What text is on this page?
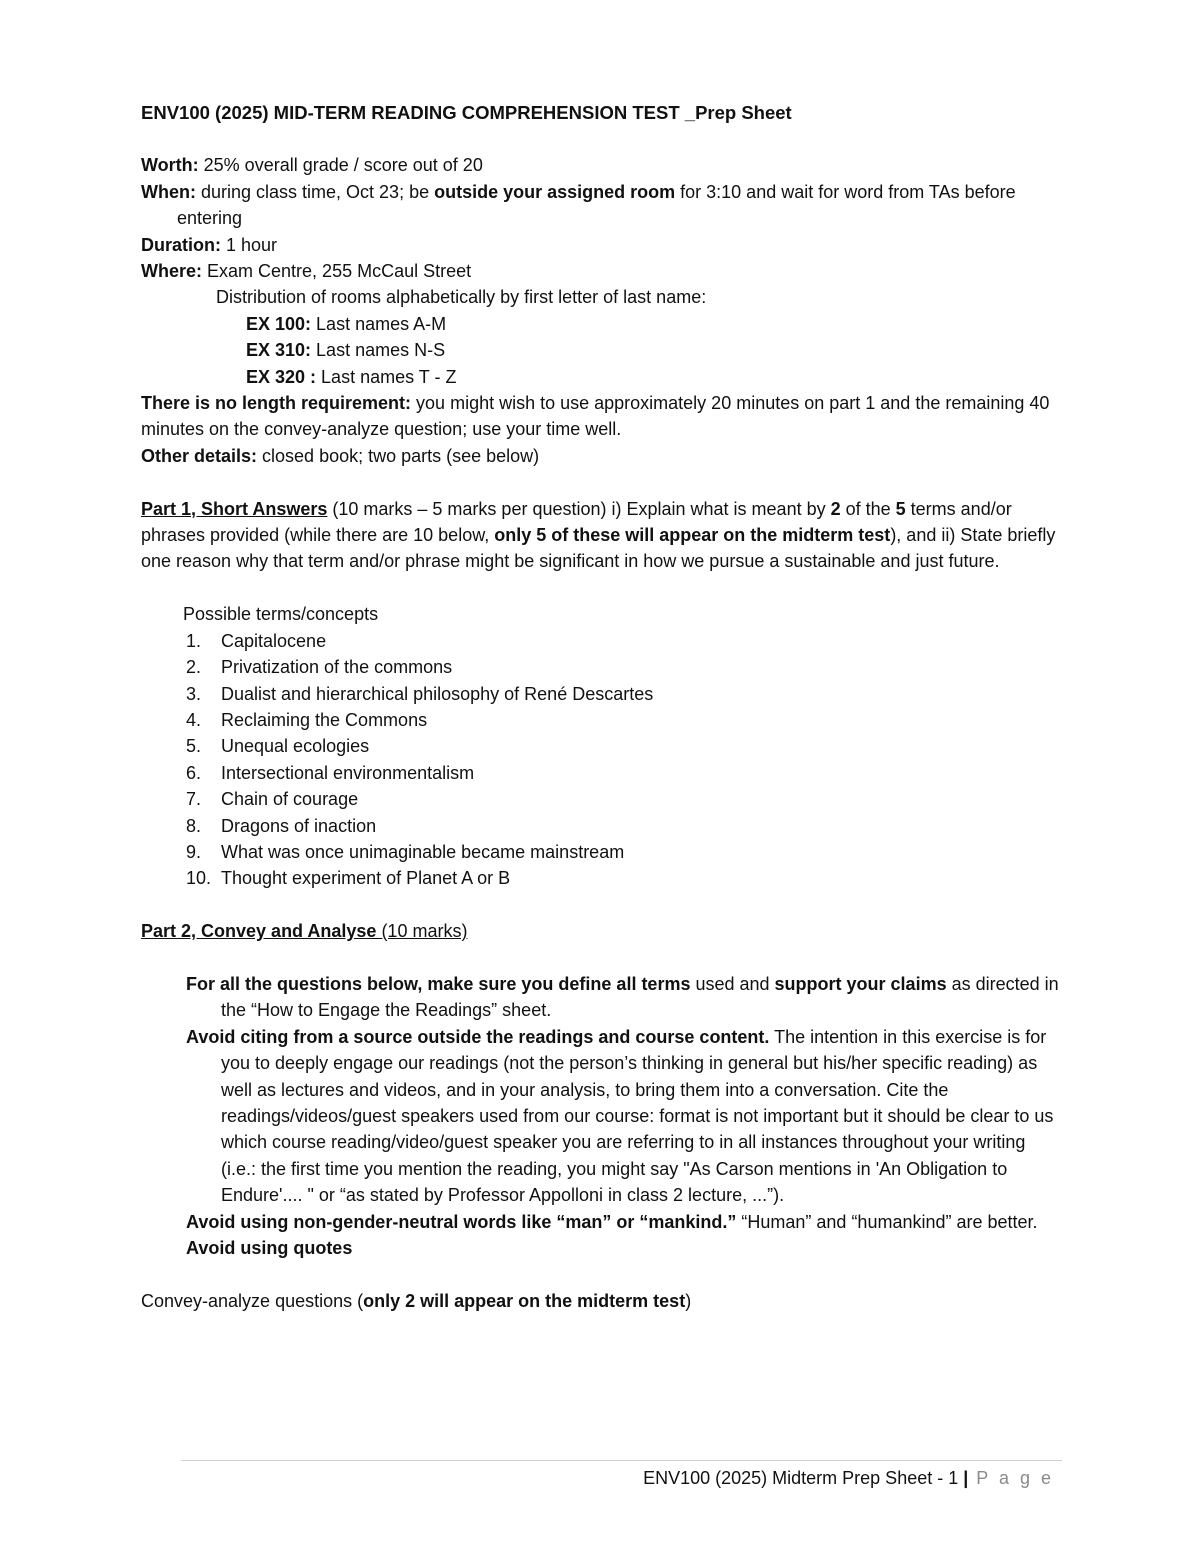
ENV100 (2025) MID-TERM READING COMPREHENSION TEST _Prep Sheet

Worth: 25% overall grade / score out of 20

When: during class time, Oct 23; be outside your assigned room for 3:10 and wait for word from TAs before entering

Duration: 1 hour

Where: Exam Centre, 255 McCaul Street

Distribution of rooms alphabetically by first letter of last name:

EX 100: Last names A-M

EX 310: Last names N-S

EX 320 : Last names T - Z

There is no length requirement: you might wish to use approximately 20 minutes on part 1 and the remaining 40 minutes on the convey-analyze question; use your time well.

Other details: closed book; two parts (see below)

Part 1, Short Answers (10 marks – 5 marks per question) i) Explain what is meant by 2 of the 5 terms and/or phrases provided (while there are 10 below, only 5 of these will appear on the midterm test), and ii) State briefly one reason why that term and/or phrase might be significant in how we pursue a sustainable and just future.

Possible terms/concepts

1. Capitalocene
2. Privatization of the commons
3. Dualist and hierarchical philosophy of René Descartes
4. Reclaiming the Commons
5. Unequal ecologies
6. Intersectional environmentalism
7. Chain of courage
8. Dragons of inaction
9. What was once unimaginable became mainstream
10. Thought experiment of Planet A or B

Part 2, Convey and Analyse (10 marks)

For all the questions below, make sure you define all terms used and support your claims as directed in the “How to Engage the Readings” sheet.

Avoid citing from a source outside the readings and course content. The intention in this exercise is for you to deeply engage our readings (not the person’s thinking in general but his/her specific reading) as well as lectures and videos, and in your analysis, to bring them into a conversation. Cite the readings/videos/guest speakers used from our course: format is not important but it should be clear to us which course reading/video/guest speaker you are referring to in all instances throughout your writing (i.e.: the first time you mention the reading, you might say "As Carson mentions in 'An Obligation to Endure'.... " or “as stated by Professor Appolloni in class 2 lecture, ...”).

Avoid using non-gender-neutral words like “man” or “mankind.” “Human” and “humankind” are better.

Avoid using quotes

Convey-analyze questions (only 2 will appear on the midterm test)

ENV100 (2025) Midterm Prep Sheet - 1 | P a g e
